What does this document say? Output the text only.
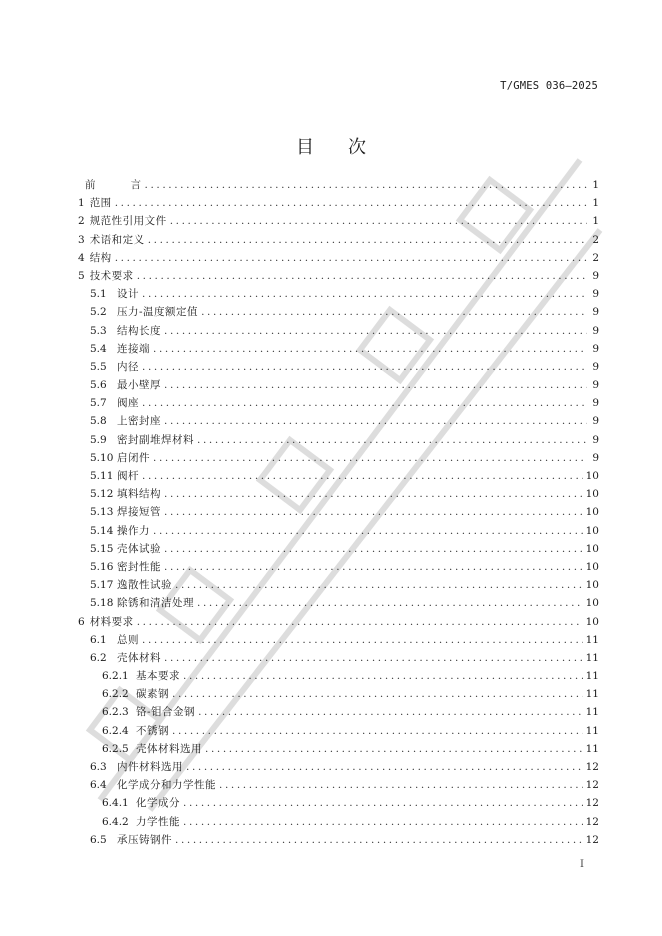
T/GMES 036—2025
目 次
前         言 .....	1
1 范围 .....	1
2 规范性引用文件 .....	1
3 术语和定义 .....	2
4 结构 .....	2
5 技术要求 .....	9
5.1 设计 .....	9
5.2 压力-温度额定值 .....	9
5.3 结构长度 .....	9
5.4 连接端 .....	9
5.5 内径 .....	9
5.6 最小壁厚 .....	9
5.7 阀座 .....	9
5.8 上密封座 .....	9
5.9 密封副堆焊材料 .....	9
5.10 启闭件 .....	9
5.11 阀杆 .....	10
5.12 填料结构 .....	10
5.13 焊接短管 .....	10
5.14 操作力 .....	10
5.15 壳体试验 .....	10
5.16 密封性能 .....	10
5.17 逸散性试验 .....	10
5.18 除锈和清洁处理 .....	10
6 材料要求 .....	10
6.1 总则 .....	11
6.2 壳体材料 .....	11
6.2.1 基本要求 .....	11
6.2.2 碳素钢 .....	11
6.2.3 铬-钼合金钢 .....	11
6.2.4 不锈钢 .....	11
6.2.5 壳体材料选用 .....	11
6.3 内件材料选用 .....	12
6.4 化学成分和力学性能 .....	12
6.4.1 化学成分 .....	12
6.4.2 力学性能 .....	12
6.5 承压铸钢件 .....	12
I
